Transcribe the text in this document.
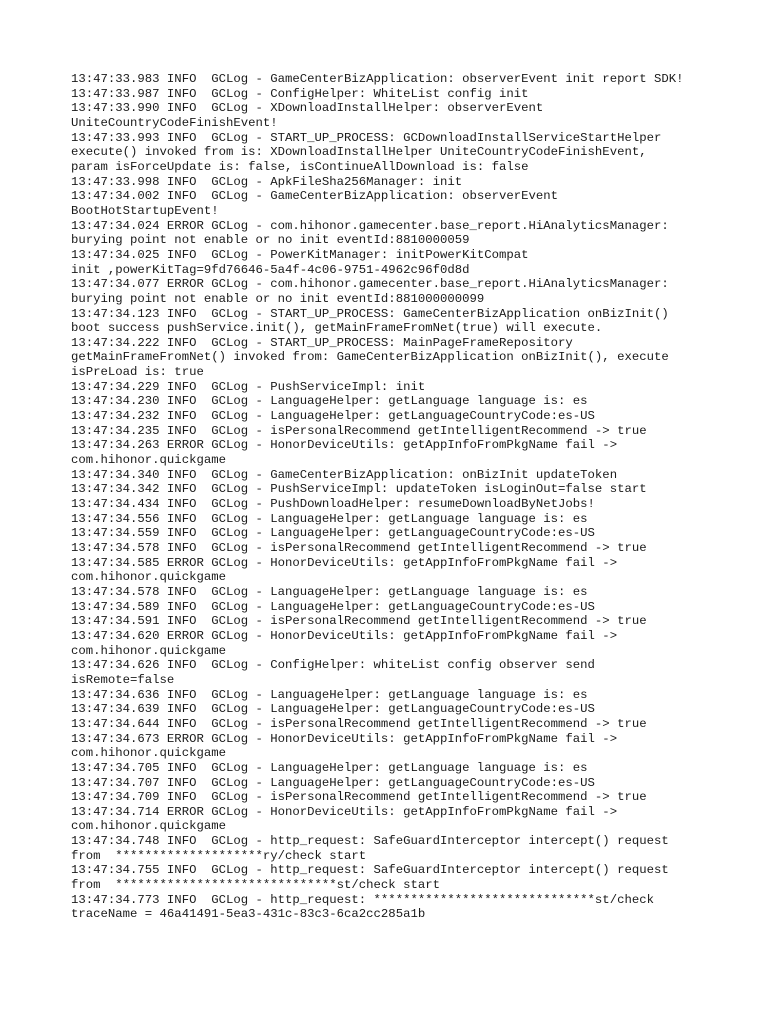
13:47:33.983 INFO  GCLog - GameCenterBizApplication: observerEvent init report SDK!
13:47:33.987 INFO  GCLog - ConfigHelper: WhiteList config init
13:47:33.990 INFO  GCLog - XDownloadInstallHelper: observerEvent
UniteCountryCodeFinishEvent!
13:47:33.993 INFO  GCLog - START_UP_PROCESS: GCDownloadInstallServiceStartHelper
execute() invoked from is: XDownloadInstallHelper UniteCountryCodeFinishEvent,
param isForceUpdate is: false, isContinueAllDownload is: false
13:47:33.998 INFO  GCLog - ApkFileSha256Manager: init
13:47:34.002 INFO  GCLog - GameCenterBizApplication: observerEvent
BootHotStartupEvent!
13:47:34.024 ERROR GCLog - com.hihonor.gamecenter.base_report.HiAnalyticsManager:
burying point not enable or no init eventId:8810000059
13:47:34.025 INFO  GCLog - PowerKitManager: initPowerKitCompat
init ,powerKitTag=9fd76646-5a4f-4c06-9751-4962c96f0d8d
13:47:34.077 ERROR GCLog - com.hihonor.gamecenter.base_report.HiAnalyticsManager:
burying point not enable or no init eventId:881000000099
13:47:34.123 INFO  GCLog - START_UP_PROCESS: GameCenterBizApplication onBizInit()
boot success pushService.init(), getMainFrameFromNet(true) will execute.
13:47:34.222 INFO  GCLog - START_UP_PROCESS: MainPageFrameRepository
getMainFrameFromNet() invoked from: GameCenterBizApplication onBizInit(), execute
isPreLoad is: true
13:47:34.229 INFO  GCLog - PushServiceImpl: init
13:47:34.230 INFO  GCLog - LanguageHelper: getLanguage language is: es
13:47:34.232 INFO  GCLog - LanguageHelper: getLanguageCountryCode:es-US
13:47:34.235 INFO  GCLog - isPersonalRecommend getIntelligentRecommend -> true
13:47:34.263 ERROR GCLog - HonorDeviceUtils: getAppInfoFromPkgName fail ->
com.hihonor.quickgame
13:47:34.340 INFO  GCLog - GameCenterBizApplication: onBizInit updateToken
13:47:34.342 INFO  GCLog - PushServiceImpl: updateToken isLoginOut=false start
13:47:34.434 INFO  GCLog - PushDownloadHelper: resumeDownloadByNetJobs!
13:47:34.556 INFO  GCLog - LanguageHelper: getLanguage language is: es
13:47:34.559 INFO  GCLog - LanguageHelper: getLanguageCountryCode:es-US
13:47:34.578 INFO  GCLog - isPersonalRecommend getIntelligentRecommend -> true
13:47:34.585 ERROR GCLog - HonorDeviceUtils: getAppInfoFromPkgName fail ->
com.hihonor.quickgame
13:47:34.578 INFO  GCLog - LanguageHelper: getLanguage language is: es
13:47:34.589 INFO  GCLog - LanguageHelper: getLanguageCountryCode:es-US
13:47:34.591 INFO  GCLog - isPersonalRecommend getIntelligentRecommend -> true
13:47:34.620 ERROR GCLog - HonorDeviceUtils: getAppInfoFromPkgName fail ->
com.hihonor.quickgame
13:47:34.626 INFO  GCLog - ConfigHelper: whiteList config observer send
isRemote=false
13:47:34.636 INFO  GCLog - LanguageHelper: getLanguage language is: es
13:47:34.639 INFO  GCLog - LanguageHelper: getLanguageCountryCode:es-US
13:47:34.644 INFO  GCLog - isPersonalRecommend getIntelligentRecommend -> true
13:47:34.673 ERROR GCLog - HonorDeviceUtils: getAppInfoFromPkgName fail ->
com.hihonor.quickgame
13:47:34.705 INFO  GCLog - LanguageHelper: getLanguage language is: es
13:47:34.707 INFO  GCLog - LanguageHelper: getLanguageCountryCode:es-US
13:47:34.709 INFO  GCLog - isPersonalRecommend getIntelligentRecommend -> true
13:47:34.714 ERROR GCLog - HonorDeviceUtils: getAppInfoFromPkgName fail ->
com.hihonor.quickgame
13:47:34.748 INFO  GCLog - http_request: SafeGuardInterceptor intercept() request
from  ********************ry/check start
13:47:34.755 INFO  GCLog - http_request: SafeGuardInterceptor intercept() request
from  ******************************st/check start
13:47:34.773 INFO  GCLog - http_request: ******************************st/check
traceName = 46a41491-5ea3-431c-83c3-6ca2cc285a1b
